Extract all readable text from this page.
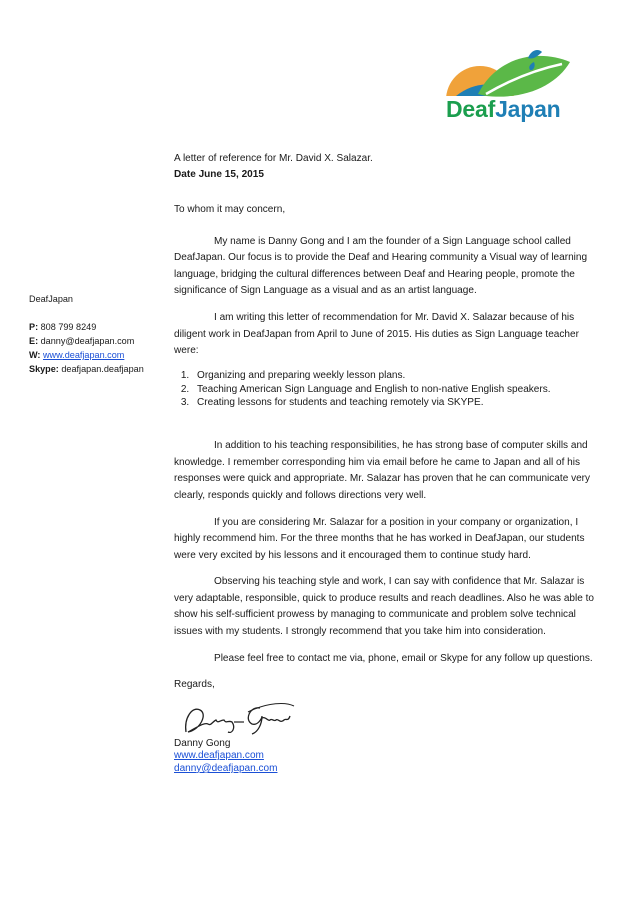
DeafJapan
DeafJapan
P: 808 799 8249
E: danny@deafjapan.com
W: www.deafjapan.com
Skype: deafjapan.deafjapan

A letter of reference for Mr. David X. Salazar.

Date June 15, 2015

To whom it may concern,

My name is Danny Gong and I am the founder of a Sign Language school called DeafJapan. Our focus is to provide the Deaf and Hearing community a Visual way of learning language, bridging the cultural differences between Deaf and Hearing people, promote the significance of Sign Language as a visual and as an artist language.

I am writing this letter of recommendation for Mr. David X. Salazar because of his diligent work in DeafJapan from April to June of 2015. His duties as Sign Language teacher were:

1. Organizing and preparing weekly lesson plans.
2. Teaching American Sign Language and English to non-native English speakers.
3. Creating lessons for students and teaching remotely via SKYPE.

In addition to his teaching responsibilities, he has strong base of computer skills and knowledge. I remember corresponding him via email before he came to Japan and all of his responses were quick and appropriate. Mr. Salazar has proven that he can communicate very clearly, responds quickly and follows directions very well.

If you are considering Mr. Salazar for a position in your company or organization, I highly recommend him. For the three months that he has worked in DeafJapan, our students were very excited by his lessons and it encouraged them to continue study hard.

Observing his teaching style and work, I can say with confidence that Mr. Salazar is very adaptable, responsible, quick to produce results and reach deadlines. Also he was able to show his self-sufficient prowess by managing to communicate and problem solve technical issues with my students. I strongly recommend that you take him into consideration.

Please feel free to contact me via, phone, email or Skype for any follow up questions.

Regards,

Danny Gong
www.deafjapan.com
danny@deafjapan.com
